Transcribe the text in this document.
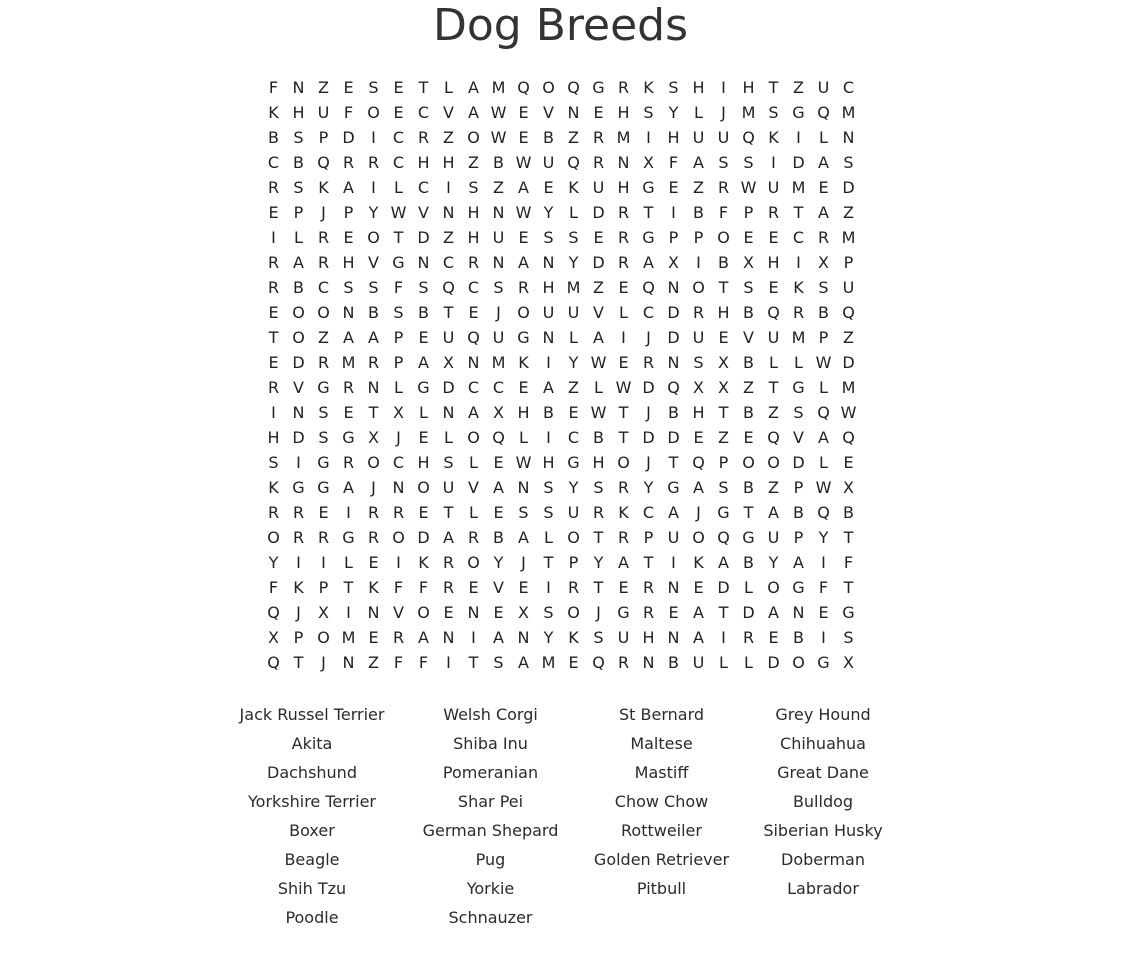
Dog Breeds
F N Z E S E T L A M Q O Q G R K S H	I	H T Z U C
K H U F O E C V A W E V N E H S Y L	J M S G Q M
B S P D	I	C R Z O W E B Z R M I	H U U Q K	I	L N
C B Q R R C H H Z B W U Q R N X F A S S	I	D A S
R S K A	I	L C	I	S Z A E K U H G E Z R W U M E D
E P	J	P Y W V N H N W Y L D R T	I	B F P R T A Z
I	L R E O T D Z H U E S S E R G P P O E E C R M
R A R H V G N C R N A N Y D R A X	I	B X H	I	X P
R B C S S F S Q C S R H M Z E Q N O T S E K S U
E O O N B S B T E	J	O U U V L C D R H B Q R B Q
T O Z A A P E U Q U G N L A	I	J	D U E V U M P Z
E D R M R P A X N M K	I	Y W E R N S X B L	L W D
R V G R N L G D C C E A Z L W D Q X X Z T G L M
I	N S E T X L N A X H B E W T	J	B H T B Z S Q W
H D S G X	J	E L O Q L	I	C B T D D E Z E Q V A Q
S	I	G R O C H S L E W H G H O	J	T Q P O O D L E
K G G A	J	N O U V A N S Y S R Y G A S B Z P W X
R R E	I	R R E T L E S S U R K C A	J	G T A B Q B
O R R G R O D A R B A L O T R P U O Q G U P Y T
Y	I	I	L E	I	K R O Y	J	T P Y A T	I	K A B Y A	I	F
F K P T K F F R E V E	I	R T E R N E D L O G F T
Q	J	X	I	N V O E N E X S O	J	G R E A T D A N E G
X P O M E R A N	I	A N Y K S U H N A	I	R E B	I	S
Q T	J	N Z F F	I	T S A M E Q R N B U L	L D O G X
Jack Russel Terrier	Welsh Corgi	St Bernard	Grey Hound
Akita	Shiba Inu	Maltese	Chihuahua
Dachshund	Pomeranian	Mastiff	Great Dane
Yorkshire Terrier	Shar Pei	Chow Chow	Bulldog
Boxer	German Shepard	Rottweiler	Siberian Husky
Beagle	Pug	Golden Retriever	Doberman
Shih Tzu	Yorkie	Pitbull	Labrador
Poodle	Schnauzer
